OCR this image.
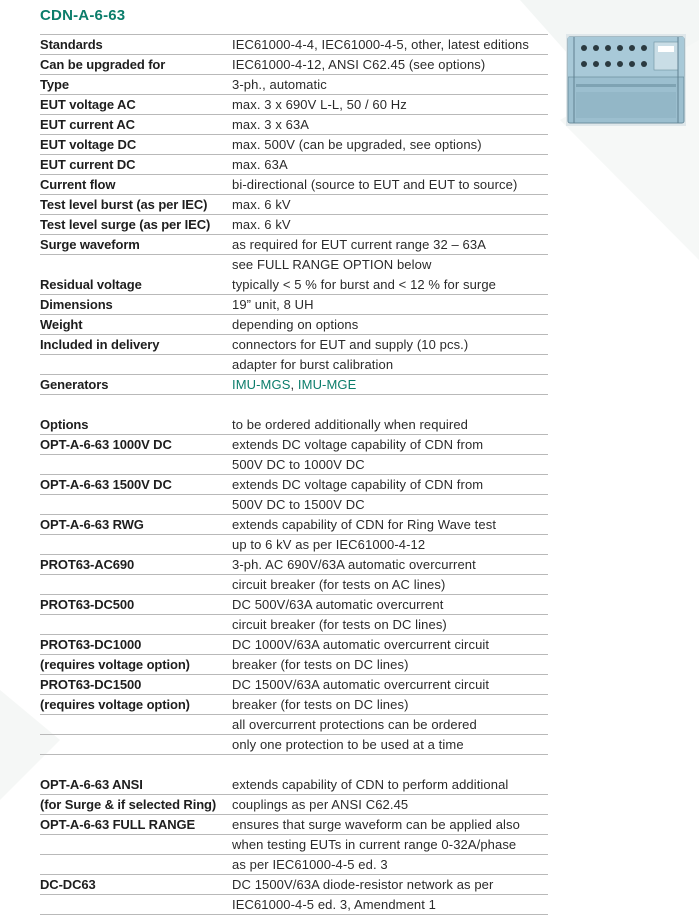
CDN-A-6-63
Standards	IEC61000-4-4, IEC61000-4-5, other, latest editions
Can be upgraded for	IEC61000-4-12, ANSI C62.45 (see options)
Type	3-ph., automatic
EUT voltage AC	max. 3 x 690V L-L, 50 / 60 Hz
EUT current AC	max. 3 x 63A
EUT voltage DC	max. 500V (can be upgraded, see options)
EUT current DC	max. 63A
Current flow	bi-directional (source to EUT and EUT to source)
Test level burst (as per IEC)	max. 6 kV
Test level surge (as per IEC)	max. 6 kV
Surge waveform	as required for EUT current range 32 – 63A
see FULL RANGE OPTION below
Residual voltage	typically < 5 % for burst and < 12 % for surge
Dimensions	19” unit, 8 UH
Weight	depending on options
Included in delivery	connectors for EUT and supply (10 pcs.)
adapter for burst calibration
Generators	IMU-MGS, IMU-MGE
Options	to be ordered additionally when required
OPT-A-6-63 1000V DC	extends DC voltage capability of CDN from
500V DC to 1000V DC
OPT-A-6-63 1500V DC	extends DC voltage capability of CDN from
500V DC to 1500V DC
OPT-A-6-63 RWG	extends capability of CDN for Ring Wave test
up to 6 kV as per IEC61000-4-12
PROT63-AC690	3-ph. AC 690V/63A automatic overcurrent
circuit breaker (for tests on AC lines)
PROT63-DC500	DC 500V/63A automatic overcurrent
circuit breaker (for tests on DC lines)
PROT63-DC1000	DC 1000V/63A automatic overcurrent circuit
(requires voltage option)	breaker (for tests on DC lines)
PROT63-DC1500	DC 1500V/63A automatic overcurrent circuit
(requires voltage option)	breaker (for tests on DC lines)
all overcurrent protections can be ordered
only one protection to be used at a time
OPT-A-6-63 ANSI	extends capability of CDN to perform additional
(for Surge & if selected Ring)	couplings as per ANSI C62.45
OPT-A-6-63 FULL RANGE	ensures that surge waveform can be applied also
when testing EUTs in current range 0-32A/phase
as per IEC61000-4-5 ed. 3
DC-DC63	DC 1500V/63A diode-resistor network as per
IEC61000-4-5 ed. 3, Amendment 1
